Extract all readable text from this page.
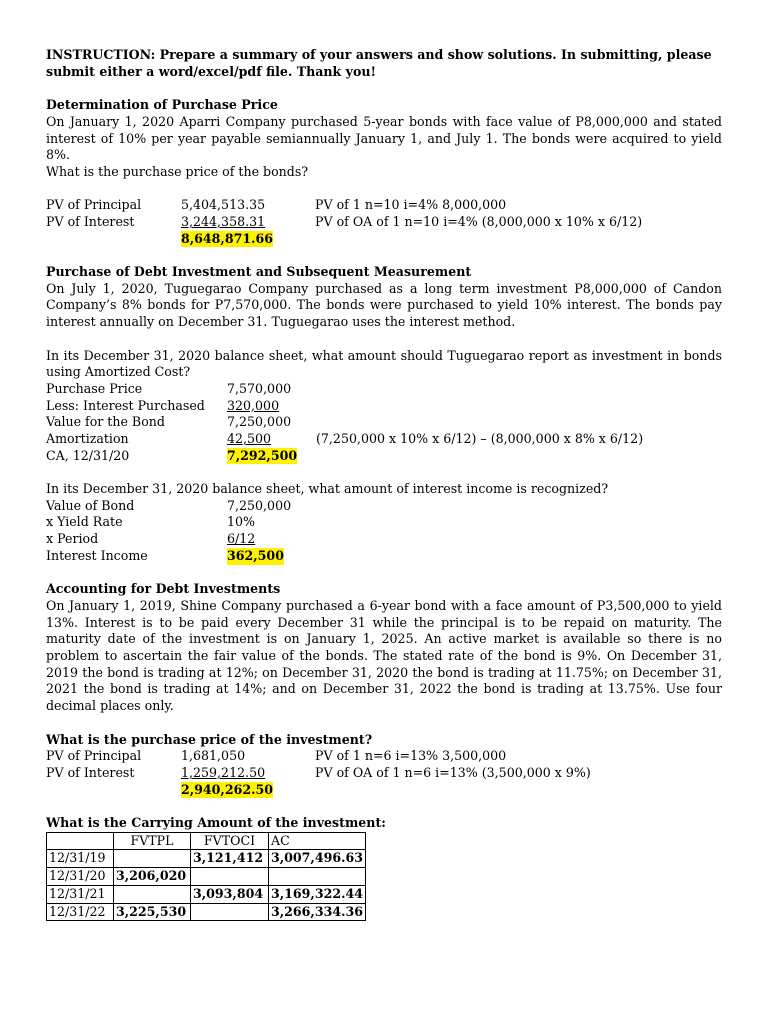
INSTRUCTION: Prepare a summary of your answers and show solutions. In submitting, please submit either a word/excel/pdf file. Thank you!

Determination of Purchase Price

On January 1, 2020 Aparri Company purchased 5-year bonds with face value of P8,000,000 and stated interest of 10% per year payable semiannually January 1, and July 1. The bonds were acquired to yield 8%.

What is the purchase price of the bonds?

PV of Principal	5,404,513.35	PV of 1 n=10 i=4% 8,000,000
PV of Interest	3,244,358.31	PV of OA of 1 n=10 i=4% (8,000,000 x 10% x 6/12)
8,648,871.66

Purchase of Debt Investment and Subsequent Measurement

On July 1, 2020, Tuguegarao Company purchased as a long term investment P8,000,000 of Candon Company’s 8% bonds for P7,570,000. The bonds were purchased to yield 10% interest. The bonds pay interest annually on December 31. Tuguegarao uses the interest method.

In its December 31, 2020 balance sheet, what amount should Tuguegarao report as investment in bonds using Amortized Cost?

Purchase Price	7,570,000
Less: Interest Purchased 320,000
Value for the Bond	7,250,000
Amortization	42,500	(7,250,000 x 10% x 6/12) – (8,000,000 x 8% x 6/12)
CA, 12/31/20	7,292,500

In its December 31, 2020 balance sheet, what amount of interest income is recognized?

Value of Bond	7,250,000
x Yield Rate	10%
x Period	6/12
Interest Income	362,500

Accounting for Debt Investments

On January 1, 2019, Shine Company purchased a 6-year bond with a face amount of P3,500,000 to yield 13%. Interest is to be paid every December 31 while the principal is to be repaid on maturity. The maturity date of the investment is on January 1, 2025. An active market is available so there is no problem to ascertain the fair value of the bonds. The stated rate of the bond is 9%. On December 31, 2019 the bond is trading at 12%; on December 31, 2020 the bond is trading at 11.75%; on December 31, 2021 the bond is trading at 14%; and on December 31, 2022 the bond is trading at 13.75%. Use four decimal places only.

What is the purchase price of the investment?

PV of Principal	1,681,050	PV of 1 n=6 i=13% 3,500,000
PV of Interest	1,259,212.50	PV of OA of 1 n=6 i=13% (3,500,000 x 9%)
2,940,262.50

What is the Carrying Amount of the investment:

	FVTPL	FVTOCI	AC
12/31/19		3,121,412	3,007,496.63
12/31/20	3,206,020		
12/31/21		3,093,804	3,169,322.44
12/31/22	3,225,530		3,266,334.36
